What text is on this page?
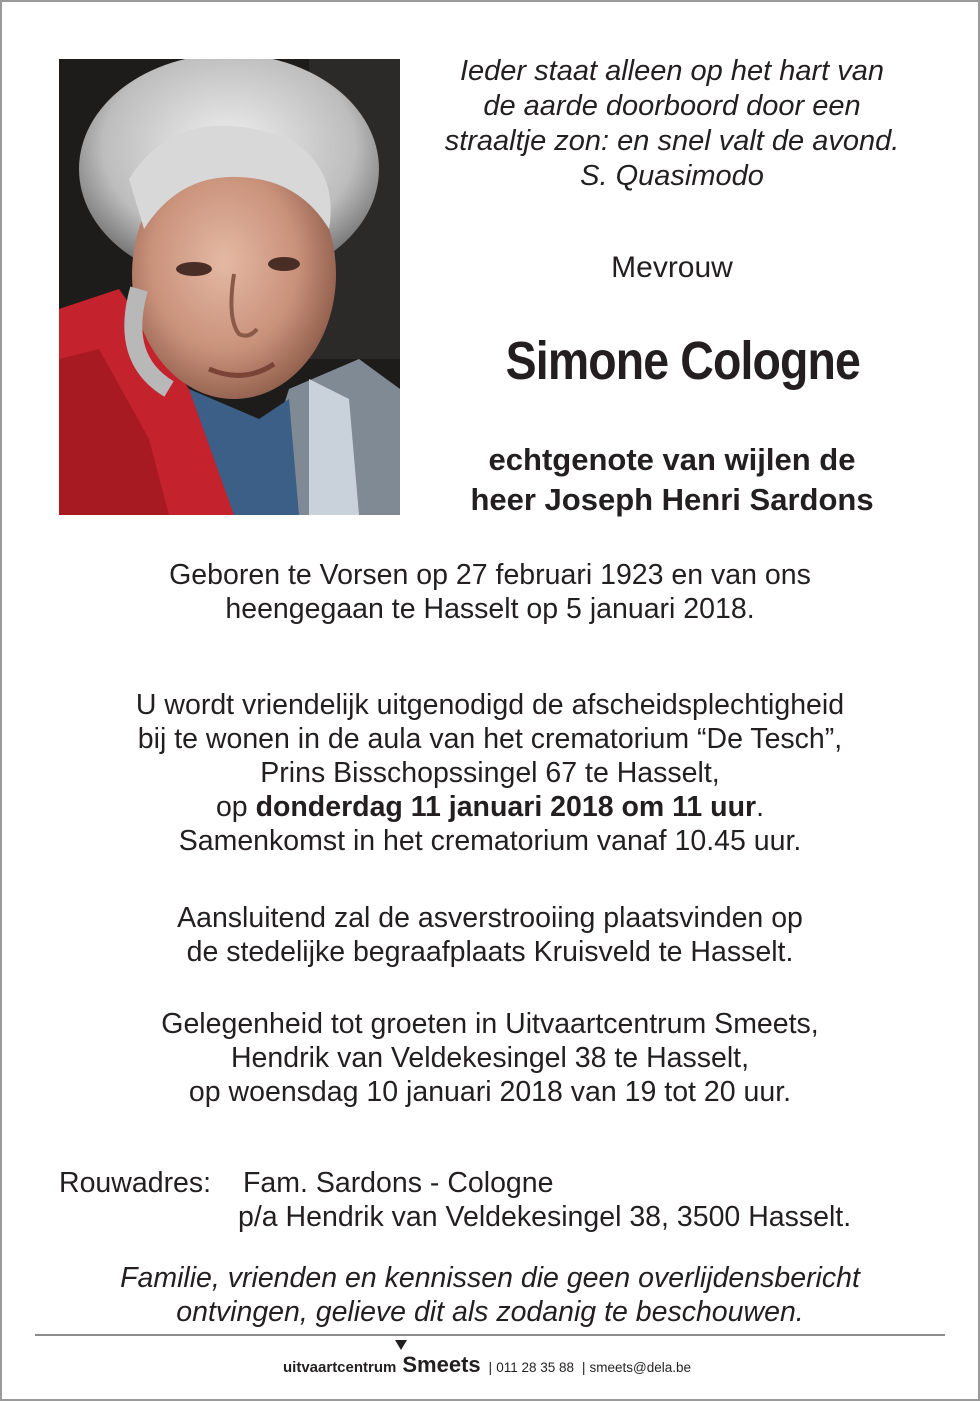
Ieder staat alleen op het hart van
de aarde doorboord door een
straaltje zon: en snel valt de avond.
S. Quasimodo
Mevrouw
Simone Cologne
echtgenote van wijlen de
heer Joseph Henri Sardons
Geboren te Vorsen op 27 februari 1923 en van ons
heengegaan te Hasselt op 5 januari 2018.
U wordt vriendelijk uitgenodigd de afscheidsplechtigheid
bij te wonen in de aula van het crematorium “De Tesch”,
Prins Bisschopssingel 67 te Hasselt,
op donderdag 11 januari 2018 om 11 uur.
Samenkomst in het crematorium vanaf 10.45 uur.
Aansluitend zal de asverstrooiing plaatsvinden op
de stedelijke begraafplaats Kruisveld te Hasselt.
Gelegenheid tot groeten in Uitvaartcentrum Smeets,
Hendrik van Veldekesingel 38 te Hasselt,
op woensdag 10 januari 2018 van 19 tot 20 uur.
Rouwadres: Fam. Sardons - Cologne
p/a Hendrik van Veldekesingel 38, 3500 Hasselt.
Familie, vrienden en kennissen die geen overlijdensbericht
ontvingen, gelieve dit als zodanig te beschouwen.
uitvaartcentrum Smeets | 011 28 35 88 | smeets@dela.be
